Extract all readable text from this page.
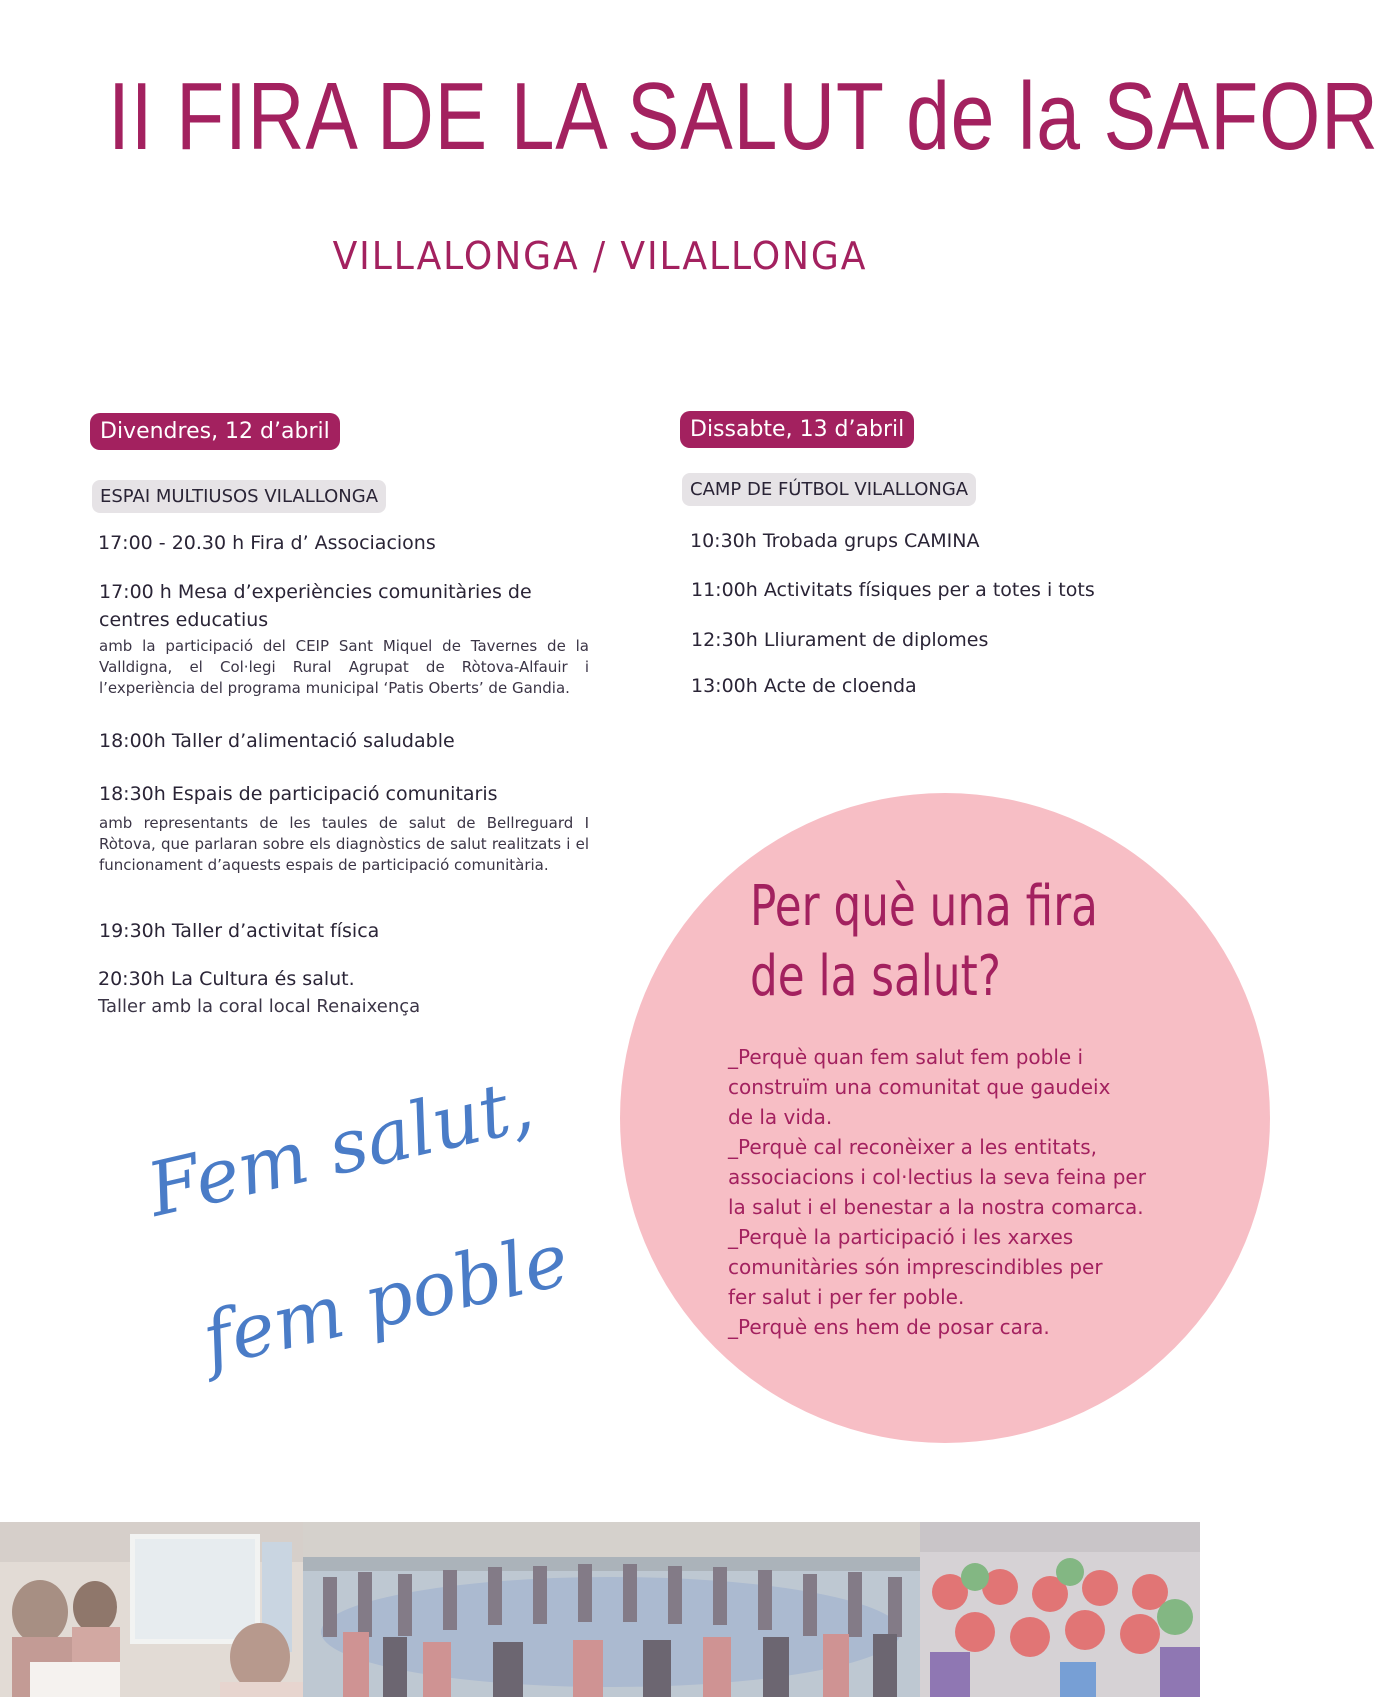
II FIRA DE LA SALUT de la SAFOR
VILLALONGA / VILALLONGA
Divendres, 12 d’abril
ESPAI MULTIUSOS VILALLONGA
17:00 - 20.30 h Fira d’ Associacions
17:00 h Mesa d’experiències comunitàries de
centres educatius
amb la participació del CEIP Sant Miquel de Tavernes de la Valldigna, el Col·legi Rural Agrupat de Ròtova-Alfauir i l’experiència del programa municipal ‘Patis Oberts’ de Gandia.
18:00h Taller d’alimentació saludable
18:30h Espais de participació comunitaris
amb representants de les taules de salut de Bellreguard I Ròtova, que parlaran sobre els diagnòstics de salut realitzats i el funcionament d’aquests espais de participació comunitària.
19:30h Taller d’activitat física
20:30h La Cultura és salut.
Taller amb la coral local Renaixença
Dissabte, 13 d’abril
CAMP DE FÚTBOL VILALLONGA
10:30h Trobada grups CAMINA
11:00h Activitats físiques per a totes i tots
12:30h Lliurament de diplomes
13:00h Acte de cloenda
Per què una fira
de la salut?
_Perquè quan fem salut fem poble i
construïm una comunitat que gaudeix
de la vida.
_Perquè cal reconèixer a les entitats,
associacions i col·lectius la seva feina per
la salut i el benestar a la nostra comarca.
_Perquè la participació i les xarxes
comunitàries són imprescindibles per
fer salut i per fer poble.
_Perquè ens hem de posar cara.
Fem salut,
fem poble
